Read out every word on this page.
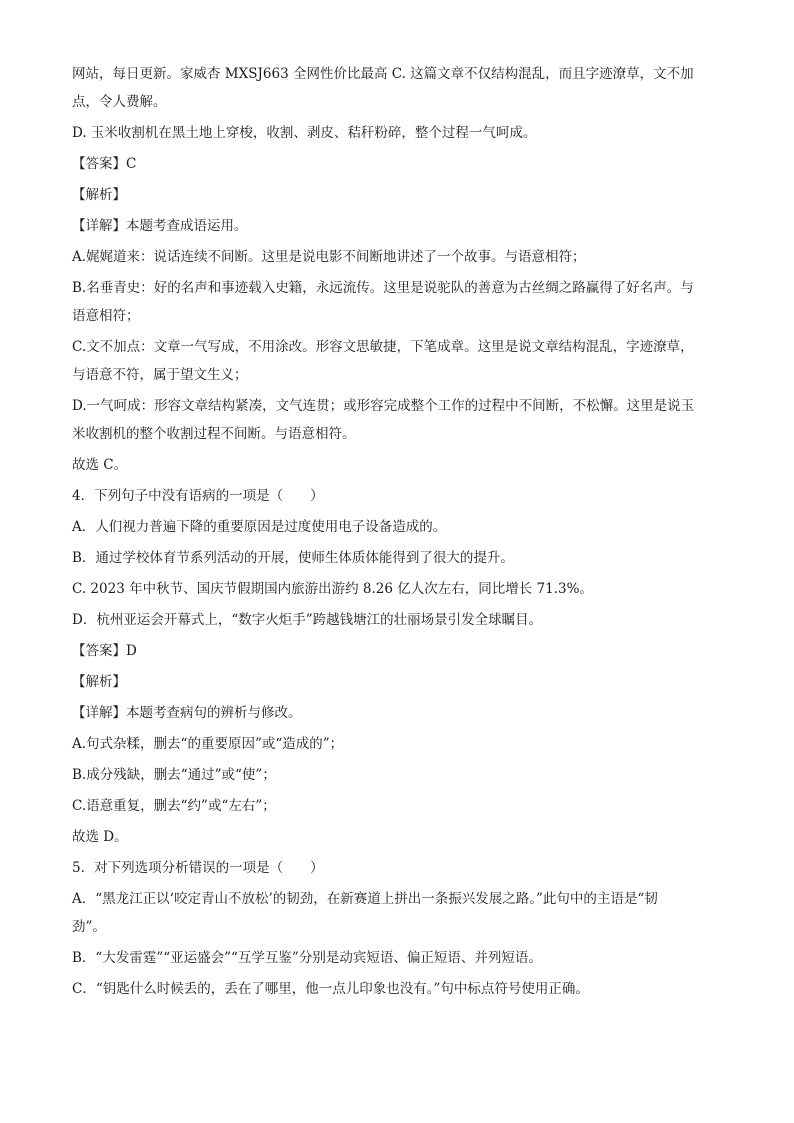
网站，每日更新。家威杏 MXSJ663 全网性价比最高 C. 这篇文章不仅结构混乱，而且字迹潦草，文不加

点，令人费解。

D. 玉米收割机在黑土地上穿梭，收割、剥皮、秸秆粉碎，整个过程一气呵成。

【答案】C

【解析】

【详解】本题考查成语运用。

A.娓娓道来：说话连续不间断。这里是说电影不间断地讲述了一个故事。与语意相符；

B.名垂青史：好的名声和事迹载入史籍，永远流传。这里是说驼队的善意为古丝绸之路赢得了好名声。与

语意相符；

C.文不加点：文章一气写成，不用涂改。形容文思敏捷，下笔成章。这里是说文章结构混乱，字迹潦草，

与语意不符，属于望文生义；

D.一气呵成：形容文章结构紧凑，文气连贯；或形容完成整个工作的过程中不间断，不松懈。这里是说玉

米收割机的整个收割过程不间断。与语意相符。

故选 C。

4．下列句子中没有语病的一项是（　　）

A．人们视力普遍下降的重要原因是过度使用电子设备造成的。

B．通过学校体育节系列活动的开展，使师生体质体能得到了很大的提升。

C. 2023 年中秋节、国庆节假期国内旅游出游约 8.26 亿人次左右，同比增长 71.3%。

D．杭州亚运会开幕式上，“数字火炬手”跨越钱塘江的壮丽场景引发全球瞩目。

【答案】D

【解析】

【详解】本题考查病句的辨析与修改。

A.句式杂糅，删去“的重要原因”或“造成的”；

B.成分残缺，删去“通过”或“使”；

C.语意重复，删去“约”或“左右”；

故选 D。

5．对下列选项分析错误的一项是（　　）

A．“黑龙江正以‘咬定青山不放松’的韧劲，在新赛道上拼出一条振兴发展之路。”此句中的主语是“韧

劲”。

B．“大发雷霆”“亚运盛会”“互学互鉴”分别是动宾短语、偏正短语、并列短语。

C．“钥匙什么时候丢的，丢在了哪里，他一点儿印象也没有。”句中标点符号使用正确。
